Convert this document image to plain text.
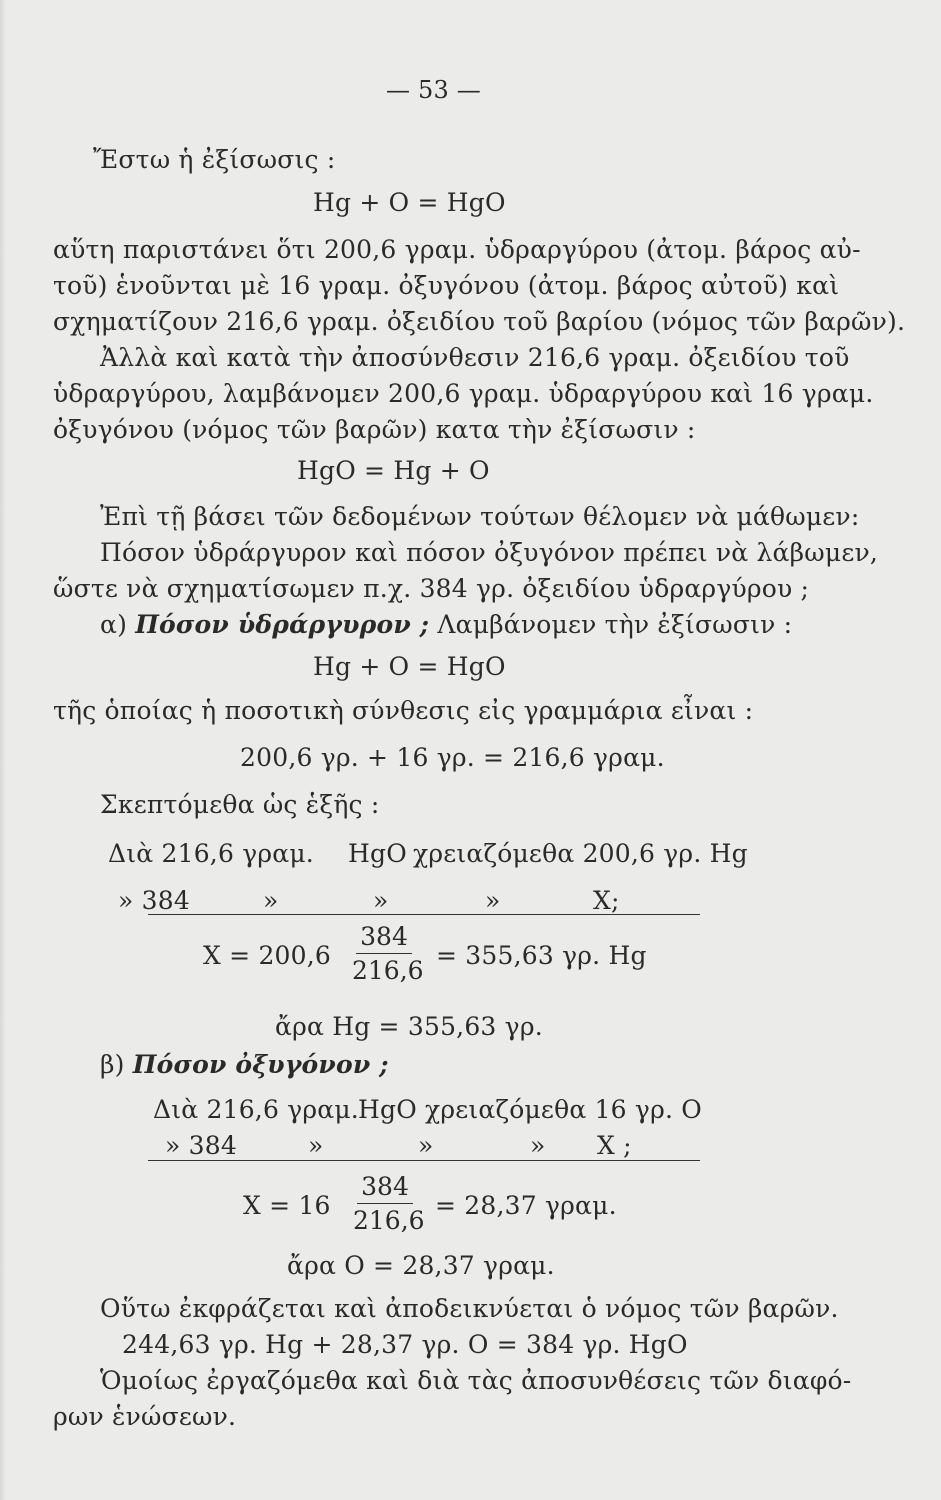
— 53 —
Ἔστω ἡ ἐξίσωσις :
Hg + O = HgO
αὕτη παριστάνει ὅτι 200,6 γραμ. ὑδραργύρου (ἀτομ. βάρος αὐ-
τοῦ) ἑνοῦνται μὲ 16 γραμ. ὀξυγόνου (ἀτομ. βάρος αὐτοῦ) καὶ
σχηματίζουν 216,6 γραμ. ὀξειδίου τοῦ βαρίου (νόμος τῶν βαρῶν).
Ἀλλὰ καὶ κατὰ τὴν ἀποσύνθεσιν 216,6 γραμ. ὀξειδίου τοῦ
ὑδραργύρου, λαμβάνομεν 200,6 γραμ. ὑδραργύρου καὶ 16 γραμ.
ὀξυγόνου (νόμος τῶν βαρῶν) κατα τὴν ἐξίσωσιν :
HgO = Hg + O
Ἐπὶ τῇ βάσει τῶν δεδομένων τούτων θέλομεν νὰ μάθωμεν:
Πόσον ὑδράργυρον καὶ πόσον ὀξυγόνον πρέπει νὰ λάβωμεν,
ὥστε νὰ σχηματίσωμεν π.χ. 384 γρ. ὀξειδίου ὑδραργύρου ;
α) Πόσον ὑδράργυρον ; Λαμβάνομεν τὴν ἐξίσωσιν :
Hg + O = HgO
τῆς ὁποίας ἡ ποσοτικὴ σύνθεσις εἰς γραμμάρια εἶναι :
200,6 γρ. + 16 γρ. = 216,6 γραμ.
Σκεπτόμεθα ὡς ἑξῆς :
Διὰ 216,6 γραμ. HgO χρειαζόμεθα 200,6 γρ. Hg
» 384	»	»	»	X;
X = 200,6
384
216,6
= 355,63 γρ. Hg
ἄρα Hg = 355,63 γρ.
β) Πόσον ὀξυγόνον ;
Διὰ 216,6 γραμ. HgO χρειαζόμεθα 16 γρ. O
» 384	»	»	» X ;
X = 16
384
216,6
= 28,37 γραμ.
ἄρα O = 28,37 γραμ.
Οὕτω ἐκφράζεται καὶ ἀποδεικνύεται ὁ νόμος τῶν βαρῶν.
244,63 γρ. Hg + 28,37 γρ. O = 384 γρ. HgO
Ὁμοίως ἐργαζόμεθα καὶ διὰ τὰς ἀποσυνθέσεις τῶν διαφό-
ρων ἑνώσεων.
